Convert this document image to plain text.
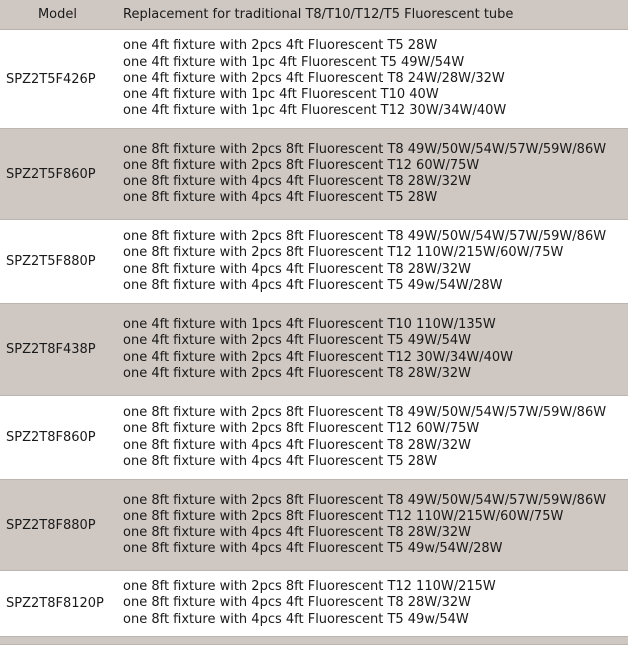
Model	Replacement for traditional T8/T10/T12/T5 Fluorescent tube
SPZ2T5F426P	one 4ft fixture with 2pcs 4ft Fluorescent T5 28W
one 4ft fixture with 1pc 4ft Fluorescent T5 49W/54W
one 4ft fixture with 2pcs 4ft Fluorescent T8 24W/28W/32W
one 4ft fixture with 1pc 4ft Fluorescent T10 40W
one 4ft fixture with 1pc 4ft Fluorescent T12 30W/34W/40W

SPZ2T5F860P	one 8ft fixture with 2pcs 8ft Fluorescent T8 49W/50W/54W/57W/59W/86W
one 8ft fixture with 2pcs 8ft Fluorescent T12 60W/75W
one 8ft fixture with 4pcs 4ft Fluorescent T8 28W/32W
one 8ft fixture with 4pcs 4ft Fluorescent T5 28W

SPZ2T5F880P	one 8ft fixture with 2pcs 8ft Fluorescent T8 49W/50W/54W/57W/59W/86W
one 8ft fixture with 2pcs 8ft Fluorescent T12 110W/215W/60W/75W
one 8ft fixture with 4pcs 4ft Fluorescent T8 28W/32W
one 8ft fixture with 4pcs 4ft Fluorescent T5 49w/54W/28W

SPZ2T8F438P	one 4ft fixture with 1pcs 4ft Fluorescent T10 110W/135W
one 4ft fixture with 2pcs 4ft Fluorescent T5 49W/54W
one 4ft fixture with 2pcs 4ft Fluorescent T12 30W/34W/40W
one 4ft fixture with 2pcs 4ft Fluorescent T8 28W/32W

SPZ2T8F860P	one 8ft fixture with 2pcs 8ft Fluorescent T8 49W/50W/54W/57W/59W/86W
one 8ft fixture with 2pcs 8ft Fluorescent T12 60W/75W
one 8ft fixture with 4pcs 4ft Fluorescent T8 28W/32W
one 8ft fixture with 4pcs 4ft Fluorescent T5 28W

SPZ2T8F880P	one 8ft fixture with 2pcs 8ft Fluorescent T8 49W/50W/54W/57W/59W/86W
one 8ft fixture with 2pcs 8ft Fluorescent T12 110W/215W/60W/75W
one 8ft fixture with 4pcs 4ft Fluorescent T8 28W/32W
one 8ft fixture with 4pcs 4ft Fluorescent T5 49w/54W/28W

SPZ2T8F8120P	one 8ft fixture with 2pcs 8ft Fluorescent T12 110W/215W
one 8ft fixture with 4pcs 4ft Fluorescent T8 28W/32W
one 8ft fixture with 4pcs 4ft Fluorescent T5 49w/54W
